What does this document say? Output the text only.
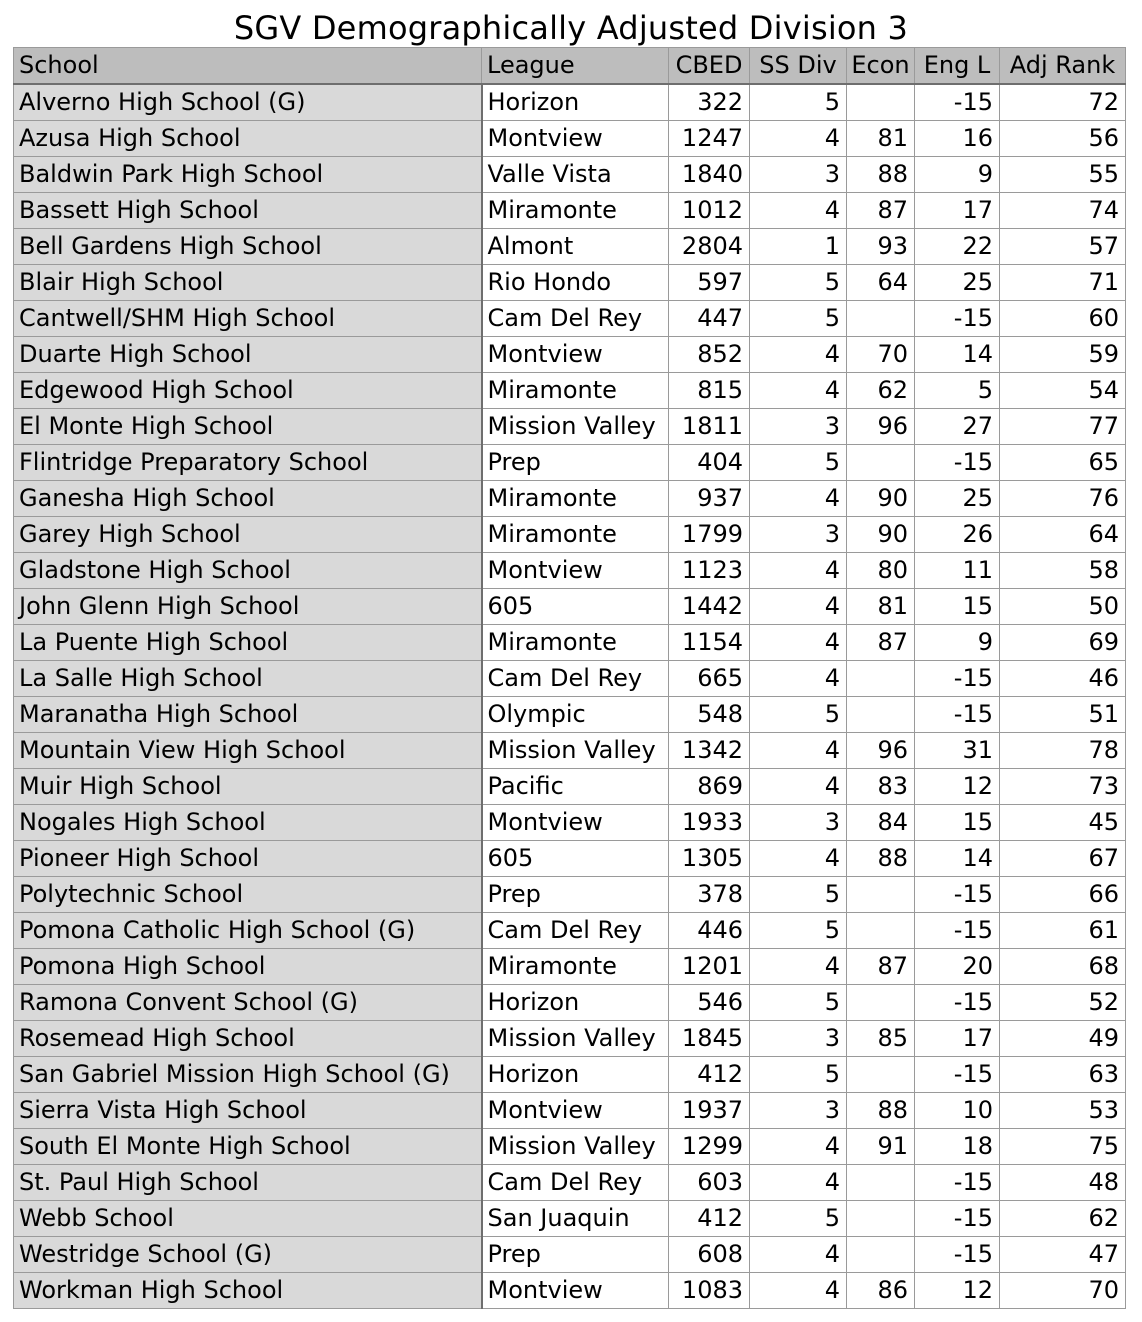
SGV Demographically Adjusted Division 3
School	League	CBED	SS Div	Econ	Eng L	Adj Rank
Alverno High School (G)	Horizon	322	5		-15	72
Azusa High School	Montview	1247	4	81	16	56
Baldwin Park High School	Valle Vista	1840	3	88	9	55
Bassett High School	Miramonte	1012	4	87	17	74
Bell Gardens High School	Almont	2804	1	93	22	57
Blair High School	Rio Hondo	597	5	64	25	71
Cantwell/SHM High School	Cam Del Rey	447	5		-15	60
Duarte High School	Montview	852	4	70	14	59
Edgewood High School	Miramonte	815	4	62	5	54
El Monte High School	Mission Valley	1811	3	96	27	77
Flintridge Preparatory School	Prep	404	5		-15	65
Ganesha High School	Miramonte	937	4	90	25	76
Garey High School	Miramonte	1799	3	90	26	64
Gladstone High School	Montview	1123	4	80	11	58
John Glenn High School	605	1442	4	81	15	50
La Puente High School	Miramonte	1154	4	87	9	69
La Salle High School	Cam Del Rey	665	4		-15	46
Maranatha High School	Olympic	548	5		-15	51
Mountain View High School	Mission Valley	1342	4	96	31	78
Muir High School	Pacific	869	4	83	12	73
Nogales High School	Montview	1933	3	84	15	45
Pioneer High School	605	1305	4	88	14	67
Polytechnic School	Prep	378	5		-15	66
Pomona Catholic High School (G)	Cam Del Rey	446	5		-15	61
Pomona High School	Miramonte	1201	4	87	20	68
Ramona Convent School (G)	Horizon	546	5		-15	52
Rosemead High School	Mission Valley	1845	3	85	17	49
San Gabriel Mission High School (G)	Horizon	412	5		-15	63
Sierra Vista High School	Montview	1937	3	88	10	53
South El Monte High School	Mission Valley	1299	4	91	18	75
St. Paul High School	Cam Del Rey	603	4		-15	48
Webb School	San Juaquin	412	5		-15	62
Westridge School (G)	Prep	608	4		-15	47
Workman High School	Montview	1083	4	86	12	70
